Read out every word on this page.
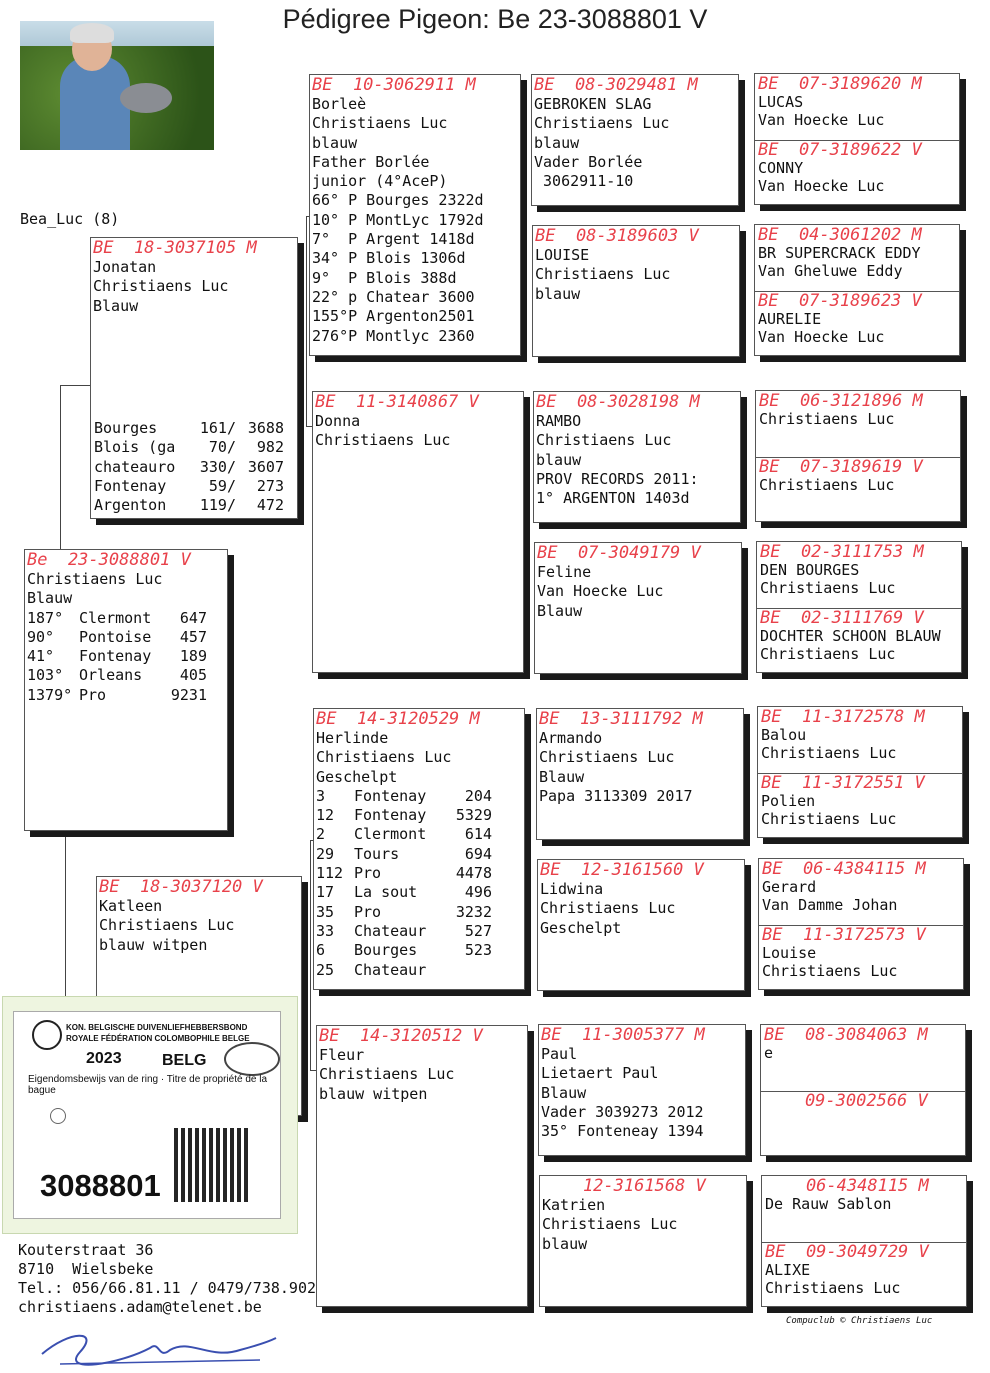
Pédigree Pigeon: Be 23-3088801 V
Bea_Luc (8)
Be  23-3088801 V
Christiaens Luc
Blauw
187°	Clermont	647
90°	Pontoise	457
41°	Fontenay	189
103°	Orleans	405
1379° Pro	9231
BE  18-3037105 M
Jonatan
Christiaens Luc
Blauw
Bourges	161/ 3688
Blois (ga	70/	982
chateauro	330/ 3607
Fontenay	59/	273
Argenton	119/	472
BE  18-3037120 V
Katleen
Christiaens Luc
blauw witpen
BE  10-3062911 M
Borleè
Christiaens Luc
blauw
Father Borlée
junior (4°AceP)
66° P Bourges 2322d
10° P MontLyc 1792d
7°  P Argent 1418d
34° P Blois 1306d
9°  P Blois 388d
22° p Chatear 3600
155°P Argenton2501
276°P Montlyc 2360
BE  11-3140867 V
Donna
Christiaens Luc
BE  14-3120529 M
Herlinde
Christiaens Luc
Geschelpt
3	Fontenay	204
12	Fontenay	5329
2	Clermont	614
29	Tours	694
112 Pro	4478
17	La sout	496
35	Pro	3232
33	Chateaur	527
6	Bourges	523
25	Chateaur
BE  14-3120512 V
Fleur
Christiaens Luc
blauw witpen
BE  08-3029481 M
GEBROKEN SLAG
Christiaens Luc
blauw
Vader Borlée
3062911-10
BE  08-3189603 V
LOUISE
Christiaens Luc
blauw
BE  08-3028198 M
RAMBO
Christiaens Luc
blauw
PROV RECORDS 2011:
1° ARGENTON 1403d
BE  07-3049179 V
Feline
Van Hoecke Luc
Blauw
BE  13-3111792 M
Armando
Christiaens Luc
Blauw
Papa 3113309 2017
BE  12-3161560 V
Lidwina
Christiaens Luc
Geschelpt
BE  11-3005377 M
Paul
Lietaert Paul
Blauw
Vader 3039273 2012
35° Fonteneay 1394
12-3161568 V
Katrien
Christiaens Luc
blauw
BE  07-3189620 M
LUCAS
Van Hoecke Luc
BE  07-3189622 V
CONNY
Van Hoecke Luc
BE  04-3061202 M
BR SUPERCRACK EDDY
Van Gheluwe Eddy
BE  07-3189623 V
AURELIE
Van Hoecke Luc
BE  06-3121896 M
Christiaens Luc
BE  07-3189619 V
Christiaens Luc
BE  02-3111753 M
DEN BOURGES
Christiaens Luc
BE  02-3111769 V
DOCHTER SCHOON BLAUW
Christiaens Luc
BE  11-3172578 M
Balou
Christiaens Luc
BE  11-3172551 V
Polien
Christiaens Luc
BE  06-4384115 M
Gerard
Van Damme Johan
BE  11-3172573 V
Louise
Christiaens Luc
BE  08-3084063 M
e
09-3002566 V
06-4348115 M
De Rauw Sablon
BE  09-3049729 V
ALIXE
Christiaens Luc
KON. BELGISCHE DUIVENLIEFHEBBERSBOND
ROYALE FÉDÉRATION COLOMBOPHILE BELGE
2023	BELG
Eigendomsbewijs van de ring · Titre de propriété de la bague
3088801
Kouterstraat 36
8710  Wielsbeke
Tel.: 056/66.81.11 / 0479/738.902
christiaens.adam@telenet.be
Compuclub © Christiaens Luc
